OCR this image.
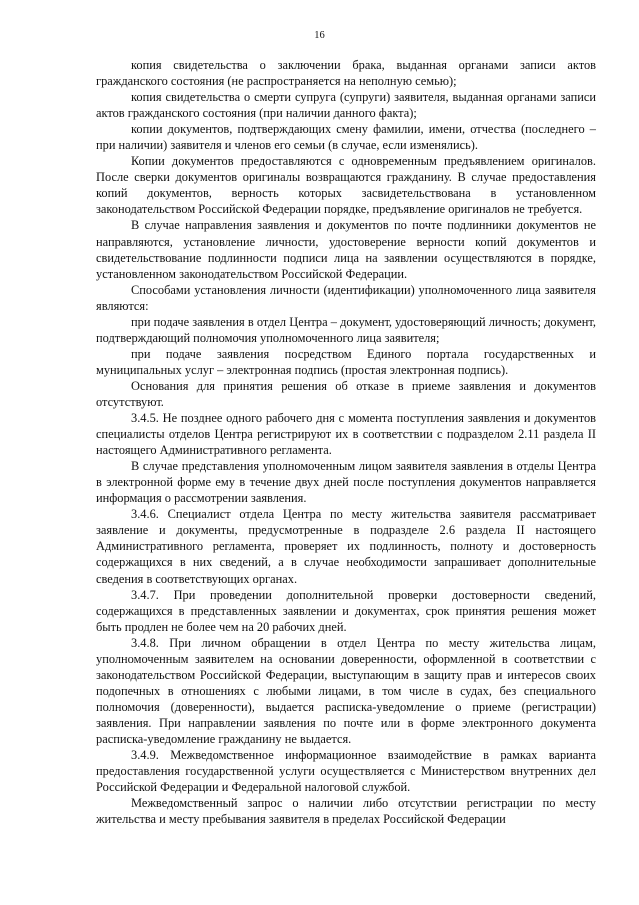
16

копия свидетельства о заключении брака, выданная органами записи актов гражданского состояния (не распространяется на неполную семью);

копия свидетельства о смерти супруга (супруги) заявителя, выданная органами записи актов гражданского состояния (при наличии данного факта);

копии документов, подтверждающих смену фамилии, имени, отчества (последнего – при наличии) заявителя и членов его семьи (в случае, если изменялись).

Копии документов предоставляются с одновременным предъявлением оригиналов. После сверки документов оригиналы возвращаются гражданину. В случае предоставления копий документов, верность которых засвидетельствована в установленном законодательством Российской Федерации порядке, предъявление оригиналов не требуется.

В случае направления заявления и документов по почте подлинники документов не направляются, установление личности, удостоверение верности копий документов и свидетельствование подлинности подписи лица на заявлении осуществляются в порядке, установленном законодательством Российской Федерации.

Способами установления личности (идентификации) уполномоченного лица заявителя являются:

при подаче заявления в отдел Центра – документ, удостоверяющий личность; документ, подтверждающий полномочия уполномоченного лица заявителя;

при подаче заявления посредством Единого портала государственных и муниципальных услуг – электронная подпись (простая электронная подпись).

Основания для принятия решения об отказе в приеме заявления и документов отсутствуют.

3.4.5. Не позднее одного рабочего дня с момента поступления заявления и документов специалисты отделов Центра регистрируют их в соответствии с подразделом 2.11 раздела II настоящего Административного регламента.

В случае представления уполномоченным лицом заявителя заявления в отделы Центра в электронной форме ему в течение двух дней после поступления документов направляется информация о рассмотрении заявления.

3.4.6. Специалист отдела Центра по месту жительства заявителя рассматривает заявление и документы, предусмотренные в подразделе 2.6 раздела II настоящего Административного регламента, проверяет их подлинность, полноту и достоверность содержащихся в них сведений, а в случае необходимости запрашивает дополнительные сведения в соответствующих органах.

3.4.7. При проведении дополнительной проверки достоверности сведений, содержащихся в представленных заявлении и документах, срок принятия решения может быть продлен не более чем на 20 рабочих дней.

3.4.8. При личном обращении в отдел Центра по месту жительства лицам, уполномоченным заявителем на основании доверенности, оформленной в соответствии с законодательством Российской Федерации, выступающим в защиту прав и интересов своих подопечных в отношениях с любыми лицами, в том числе в судах, без специального полномочия (доверенности), выдается расписка-уведомление о приеме (регистрации) заявления. При направлении заявления по почте или в форме электронного документа расписка-уведомление гражданину не выдается.

3.4.9. Межведомственное информационное взаимодействие в рамках варианта предоставления государственной услуги осуществляется с Министерством внутренних дел Российской Федерации и Федеральной налоговой службой.

Межведомственный запрос о наличии либо отсутствии регистрации по месту жительства и месту пребывания заявителя в пределах Российской Федерации
